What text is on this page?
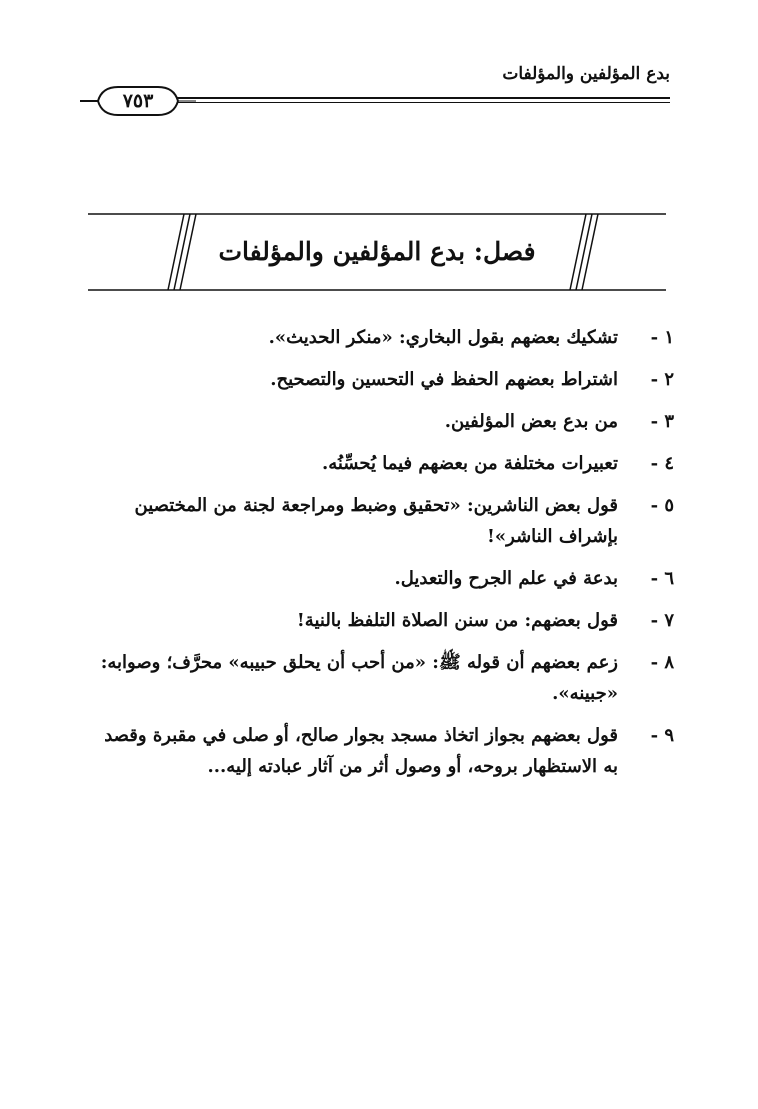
بدع المؤلفين والمؤلفات
٧٥٣
فصل: بدع المؤلفين والمؤلفات
١ -
تشكيك بعضهم بقول البخاري: «منكر الحديث».
٢ -
اشتراط بعضهم الحفظ في التحسين والتصحيح.
٣ -
من بدع بعض المؤلفين.
٤ -
تعبيرات مختلفة من بعضهم فيما يُحسِّنُه.
٥ -
قول بعض الناشرين: «تحقيق وضبط ومراجعة لجنة من المختصين بإشراف الناشر»!
٦ -
بدعة في علم الجرح والتعديل.
٧ -
قول بعضهم: من سنن الصلاة التلفظ بالنية!
٨ -
زعم بعضهم أن قوله ﷺ: «من أحب أن يحلق حبيبه» محرَّف؛ وصوابه: «جبينه».
٩ -
قول بعضهم بجواز اتخاذ مسجد بجوار صالح، أو صلى في مقبرة وقصد به الاستظهار بروحه، أو وصول أثر من آثار عبادته إليه...
